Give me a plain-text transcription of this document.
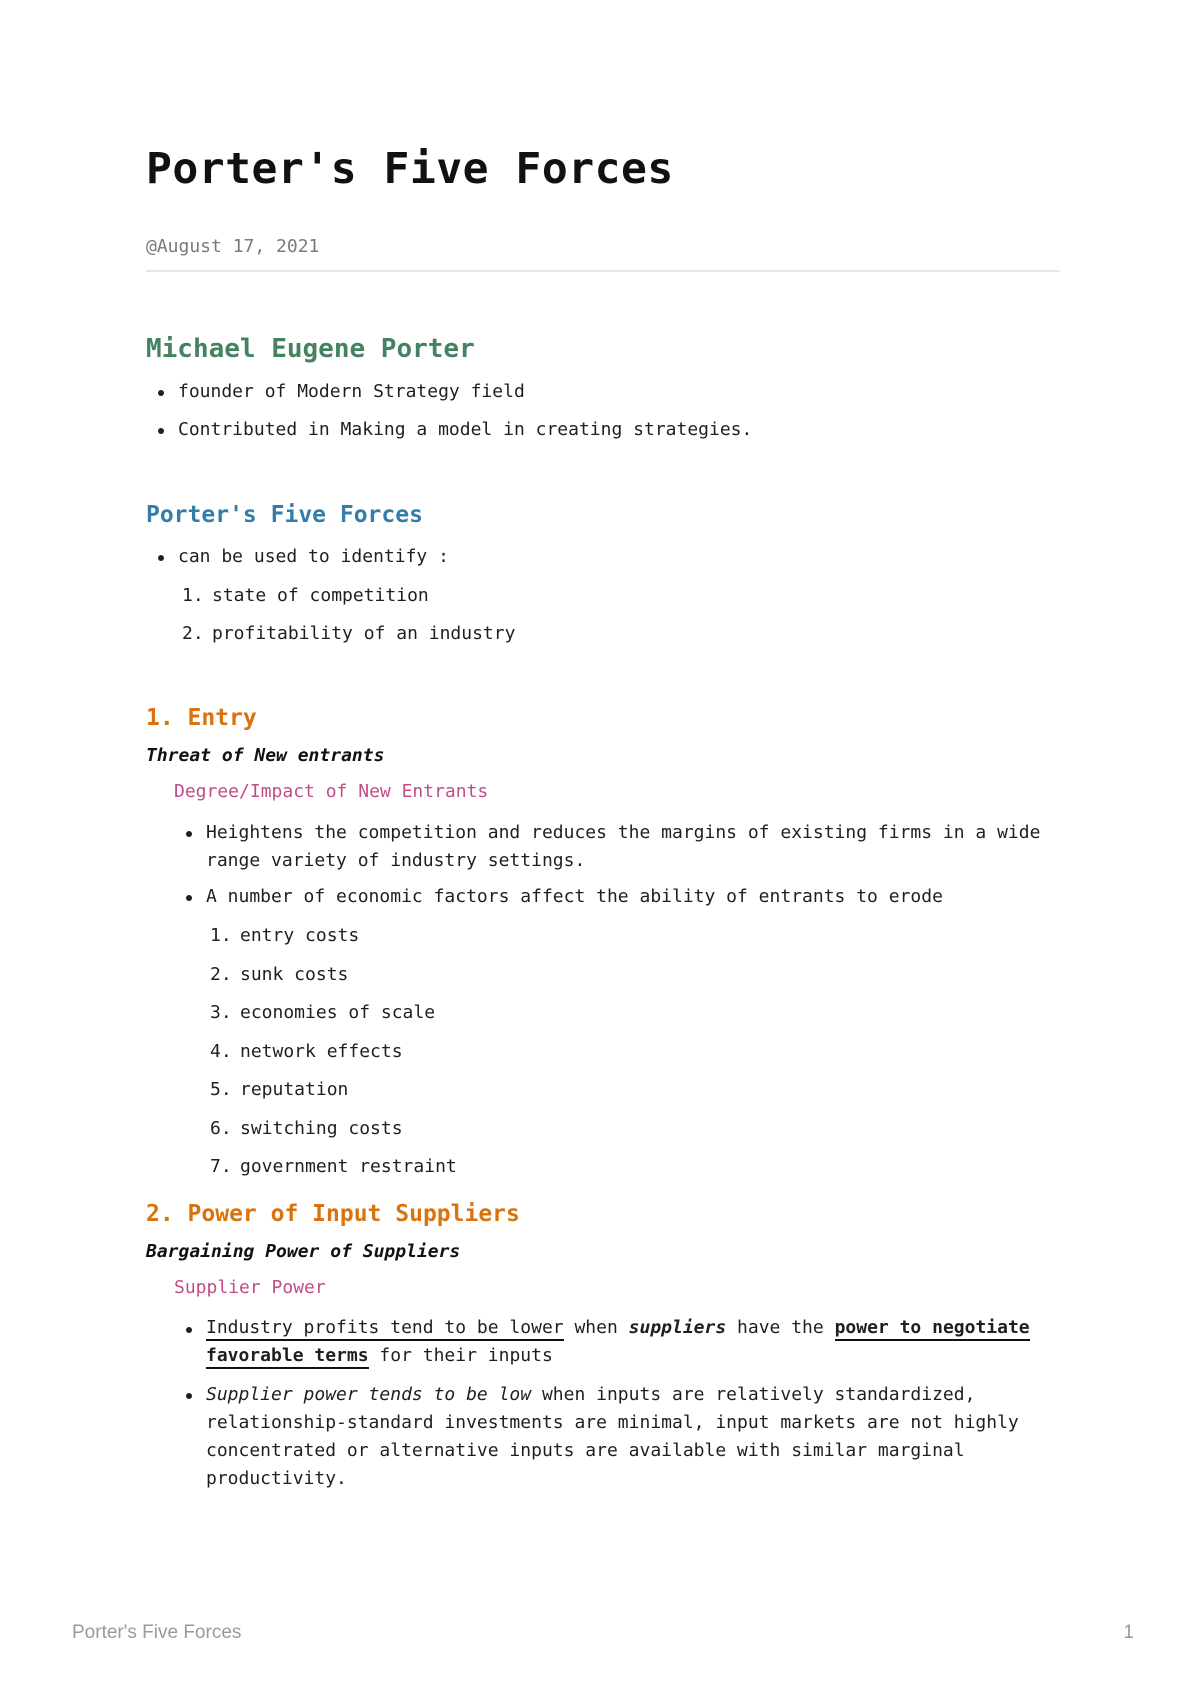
Porter's Five Forces
@August 17, 2021
Michael Eugene Porter
founder of Modern Strategy field
Contributed in Making a model in creating strategies.
Porter's Five Forces
can be used to identify :
1. state of competition
2. profitability of an industry
1. Entry
Threat of New entrants
Degree/Impact of New Entrants
Heightens the competition and reduces the margins of existing firms in a wide
range variety of industry settings.
A number of economic factors affect the ability of entrants to erode
1. entry costs
2. sunk costs
3. economies of scale
4. network effects
5. reputation
6. switching costs
7. government restraint
2. Power of Input Suppliers
Bargaining Power of Suppliers
Supplier Power
Industry profits tend to be lower when suppliers have the power to negotiate
favorable terms for their inputs
Supplier power tends to be low when inputs are relatively standardized,
relationship-standard investments are minimal, input markets are not highly
concentrated or alternative inputs are available with similar marginal
productivity.
Porter's Five Forces	1
